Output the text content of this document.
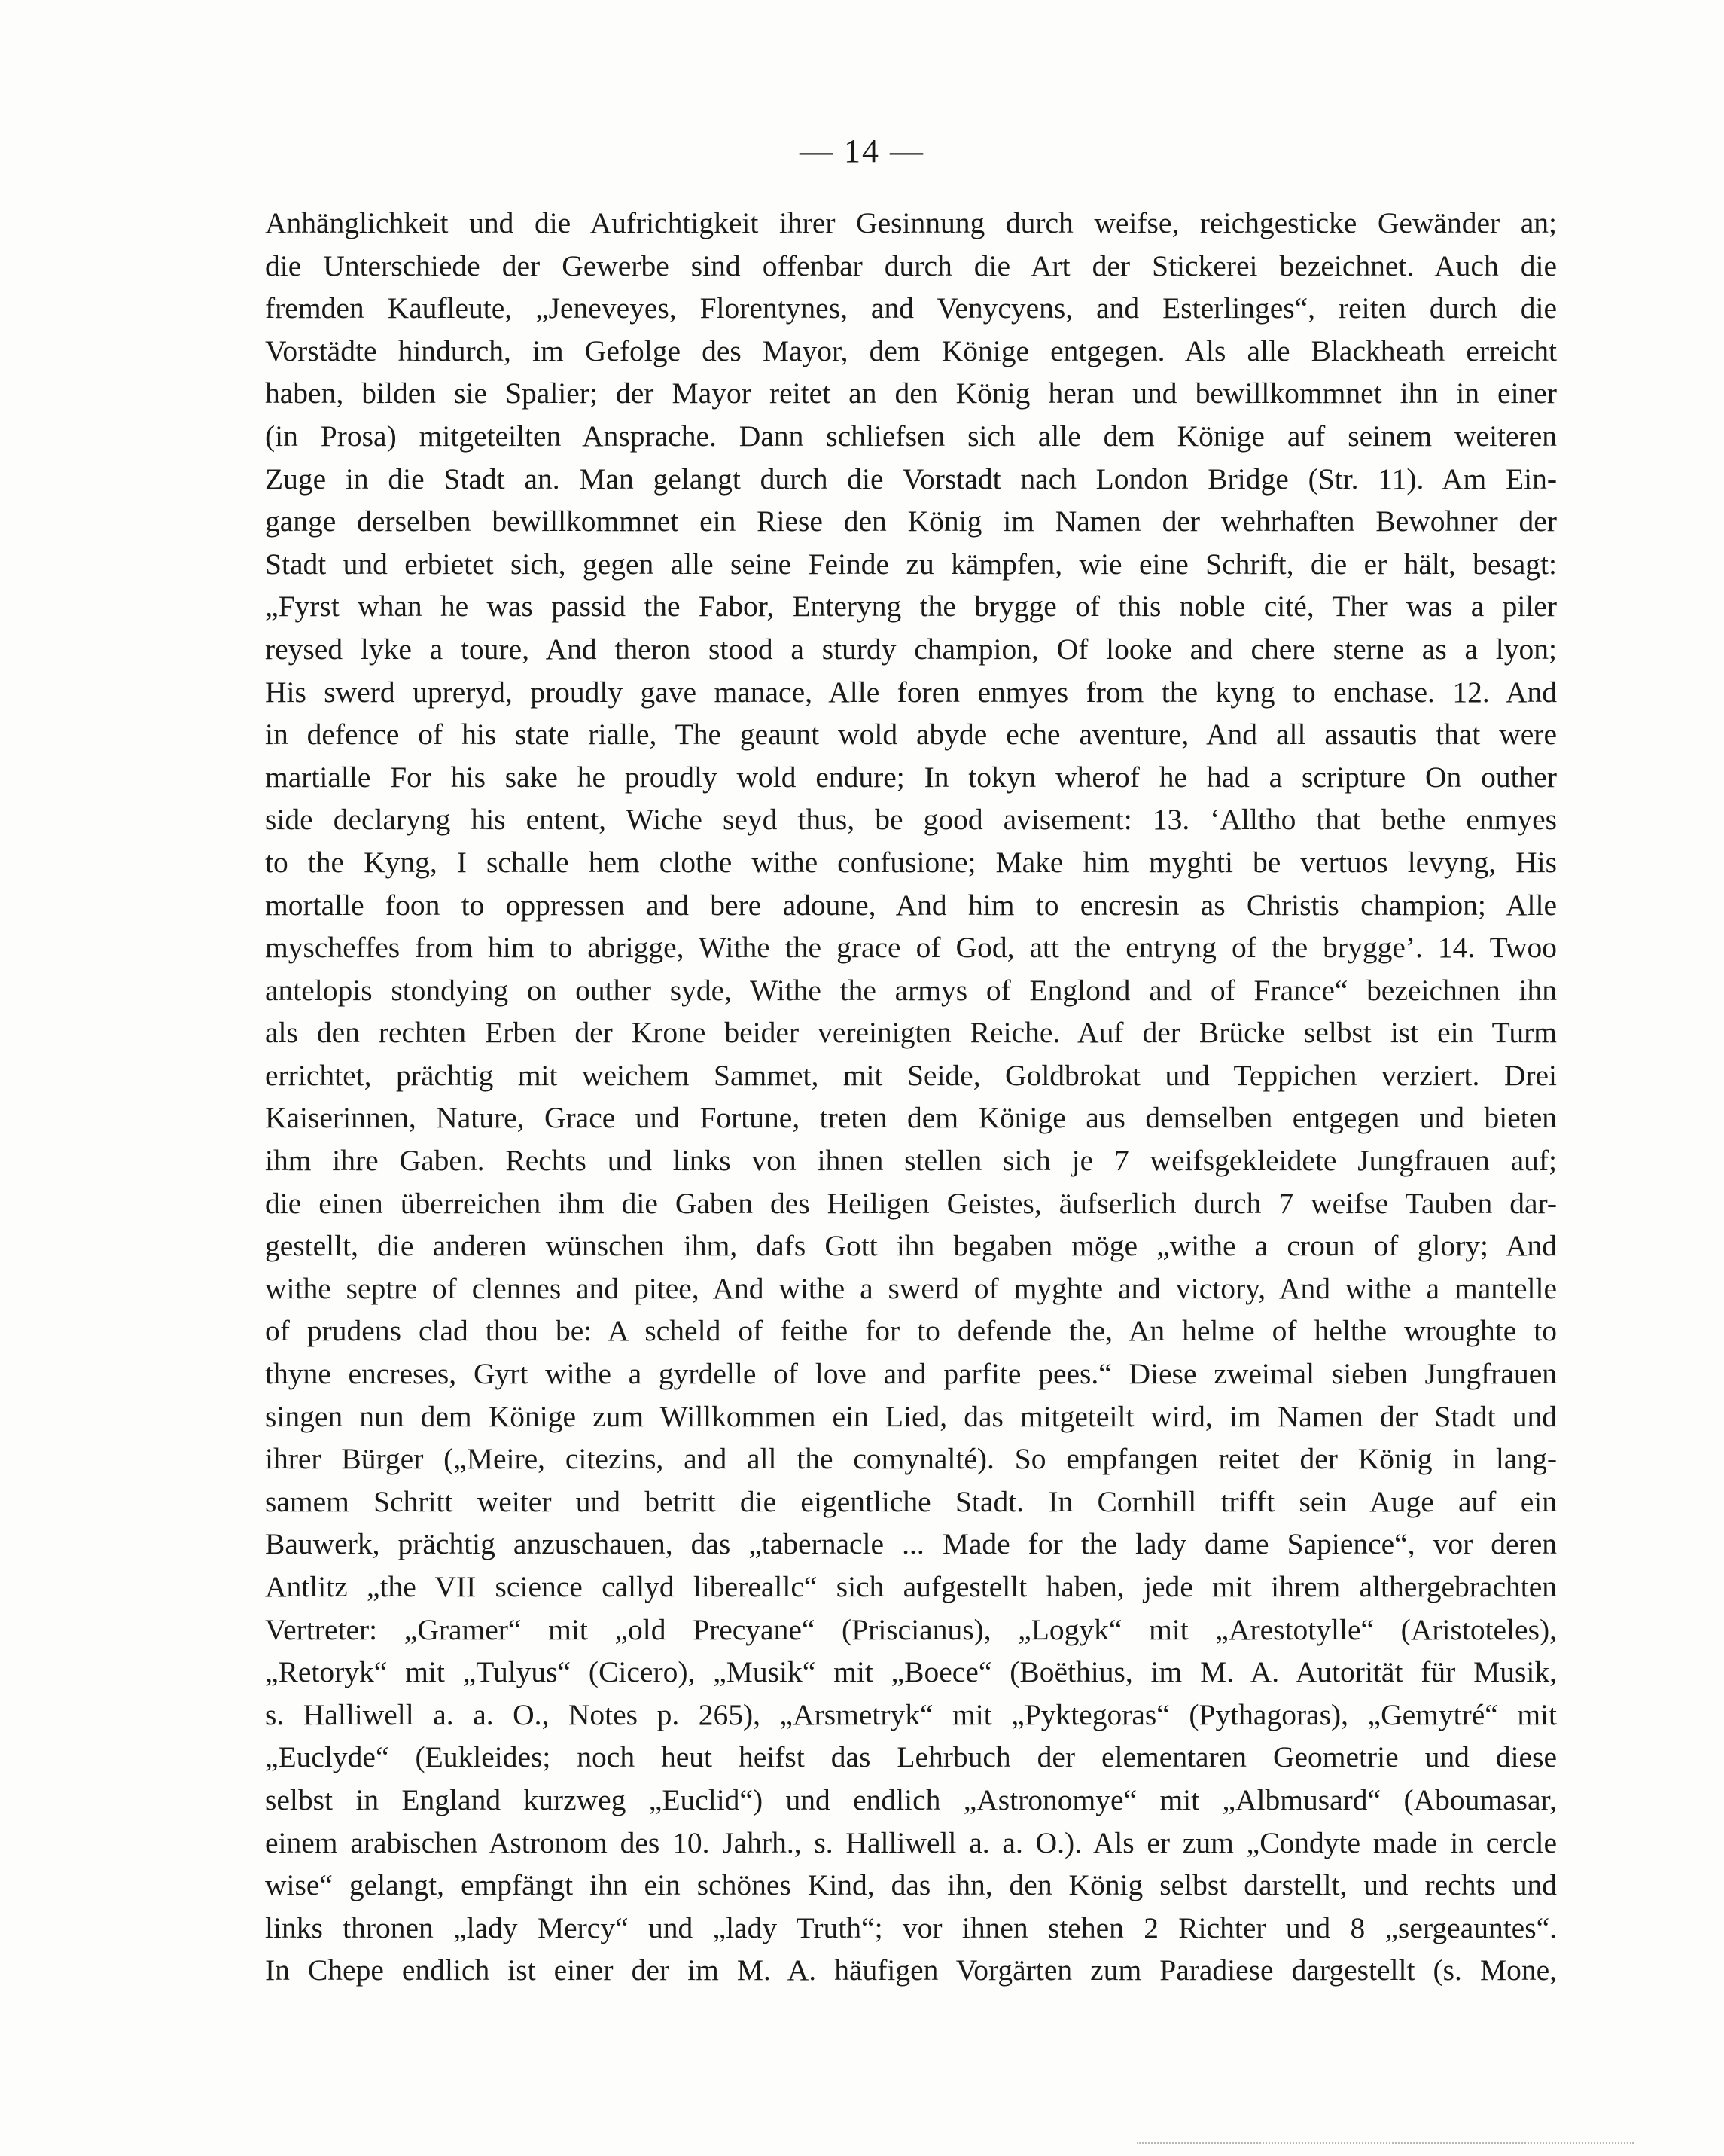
— 14 —
Anhänglichkeit und die Aufrichtigkeit ihrer Gesinnung durch weifse, reichgesticke Gewänder an;
die Unterschiede der Gewerbe sind offenbar durch die Art der Stickerei bezeichnet. Auch die
fremden Kaufleute, „Jeneveyes, Florentynes, and Venycyens, and Esterlinges“, reiten durch die
Vorstädte hindurch, im Gefolge des Mayor, dem Könige entgegen. Als alle Blackheath erreicht
haben, bilden sie Spalier; der Mayor reitet an den König heran und bewillkommnet ihn in einer
(in Prosa) mitgeteilten Ansprache. Dann schliefsen sich alle dem Könige auf seinem weiteren
Zuge in die Stadt an. Man gelangt durch die Vorstadt nach London Bridge (Str. 11). Am Ein-
gange derselben bewillkommnet ein Riese den König im Namen der wehrhaften Bewohner der
Stadt und erbietet sich, gegen alle seine Feinde zu kämpfen, wie eine Schrift, die er hält, besagt:
„Fyrst whan he was passid the Fabor, Enteryng the brygge of this noble cité, Ther was a piler
reysed lyke a toure, And theron stood a sturdy champion, Of looke and chere sterne as a lyon;
His swerd upreryd, proudly gave manace, Alle foren enmyes from the kyng to enchase. 12. And
in defence of his state rialle, The geaunt wold abyde eche aventure, And all assautis that were
martialle For his sake he proudly wold endure; In tokyn wherof he had a scripture On outher
side declaryng his entent, Wiche seyd thus, be good avisement: 13. ‘Alltho that bethe enmyes
to the Kyng, I schalle hem clothe withe confusione; Make him myghti be vertuos levyng, His
mortalle foon to oppressen and bere adoune, And him to encresin as Christis champion; Alle
myscheffes from him to abrigge, Withe the grace of God, att the entryng of the brygge’. 14. Twoo
antelopis stondying on outher syde, Withe the armys of Englond and of France“ bezeichnen ihn
als den rechten Erben der Krone beider vereinigten Reiche. Auf der Brücke selbst ist ein Turm
errichtet, prächtig mit weichem Sammet, mit Seide, Goldbrokat und Teppichen verziert. Drei
Kaiserinnen, Nature, Grace und Fortune, treten dem Könige aus demselben entgegen und bieten
ihm ihre Gaben. Rechts und links von ihnen stellen sich je 7 weifsgekleidete Jungfrauen auf;
die einen überreichen ihm die Gaben des Heiligen Geistes, äufserlich durch 7 weifse Tauben dar-
gestellt, die anderen wünschen ihm, dafs Gott ihn begaben möge „withe a croun of glory; And
withe septre of clennes and pitee, And withe a swerd of myghte and victory, And withe a mantelle
of prudens clad thou be: A scheld of feithe for to defende the, An helme of helthe wroughte to
thyne encreses, Gyrt withe a gyrdelle of love and parfite pees.“ Diese zweimal sieben Jungfrauen
singen nun dem Könige zum Willkommen ein Lied, das mitgeteilt wird, im Namen der Stadt und
ihrer Bürger („Meire, citezins, and all the comynalté). So empfangen reitet der König in lang-
samem Schritt weiter und betritt die eigentliche Stadt. In Cornhill trifft sein Auge auf ein
Bauwerk, prächtig anzuschauen, das „tabernacle ... Made for the lady dame Sapience“, vor deren
Antlitz „the VII science callyd libereallc“ sich aufgestellt haben, jede mit ihrem althergebrachten
Vertreter: „Gramer“ mit „old Precyane“ (Priscianus), „Logyk“ mit „Arestotylle“ (Aristoteles),
„Retoryk“ mit „Tulyus“ (Cicero), „Musik“ mit „Boece“ (Boëthius, im M. A. Autorität für Musik,
s. Halliwell a. a. O., Notes p. 265), „Arsmetryk“ mit „Pyktegoras“ (Pythagoras), „Gemytré“ mit
„Euclyde“ (Eukleides; noch heut heifst das Lehrbuch der elementaren Geometrie und diese
selbst in England kurzweg „Euclid“) und endlich „Astronomye“ mit „Albmusard“ (Aboumasar,
einem arabischen Astronom des 10. Jahrh., s. Halliwell a. a. O.). Als er zum „Condyte made in cercle
wise“ gelangt, empfängt ihn ein schönes Kind, das ihn, den König selbst darstellt, und rechts und
links thronen „lady Mercy“ und „lady Truth“; vor ihnen stehen 2 Richter und 8 „sergeauntes“.
In Chepe endlich ist einer der im M. A. häufigen Vorgärten zum Paradiese dargestellt (s. Mone,
